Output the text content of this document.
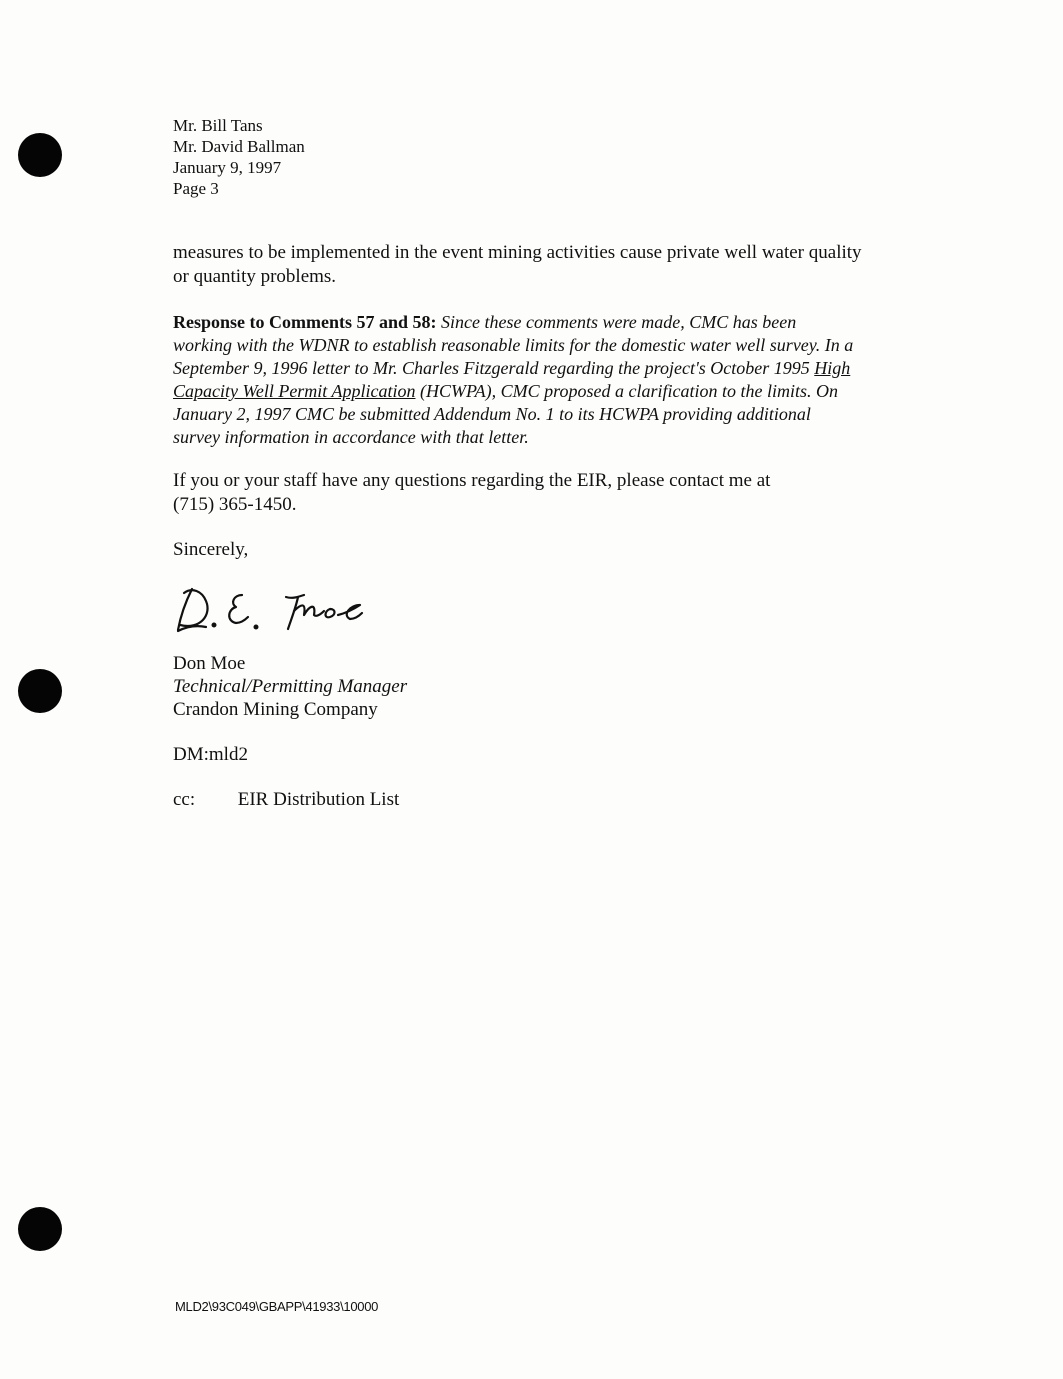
Mr. Bill Tans
Mr. David Ballman
January 9, 1997
Page 3
measures to be implemented in the event mining activities cause private well water quality
or quantity problems.
Response to Comments 57 and 58: Since these comments were made, CMC has been
working with the WDNR to establish reasonable limits for the domestic water well survey. In a
September 9, 1996 letter to Mr. Charles Fitzgerald regarding the project's October 1995 High
Capacity Well Permit Application (HCWPA), CMC proposed a clarification to the limits. On
January 2, 1997 CMC be submitted Addendum No. 1 to its HCWPA providing additional
survey information in accordance with that letter.
If you or your staff have any questions regarding the EIR, please contact me at
(715) 365-1450.
Sincerely,
Don Moe
Technical/Permitting Manager
Crandon Mining Company
DM:mld2
cc: EIR Distribution List
MLD2\93C049\GBAPP\41933\10000
